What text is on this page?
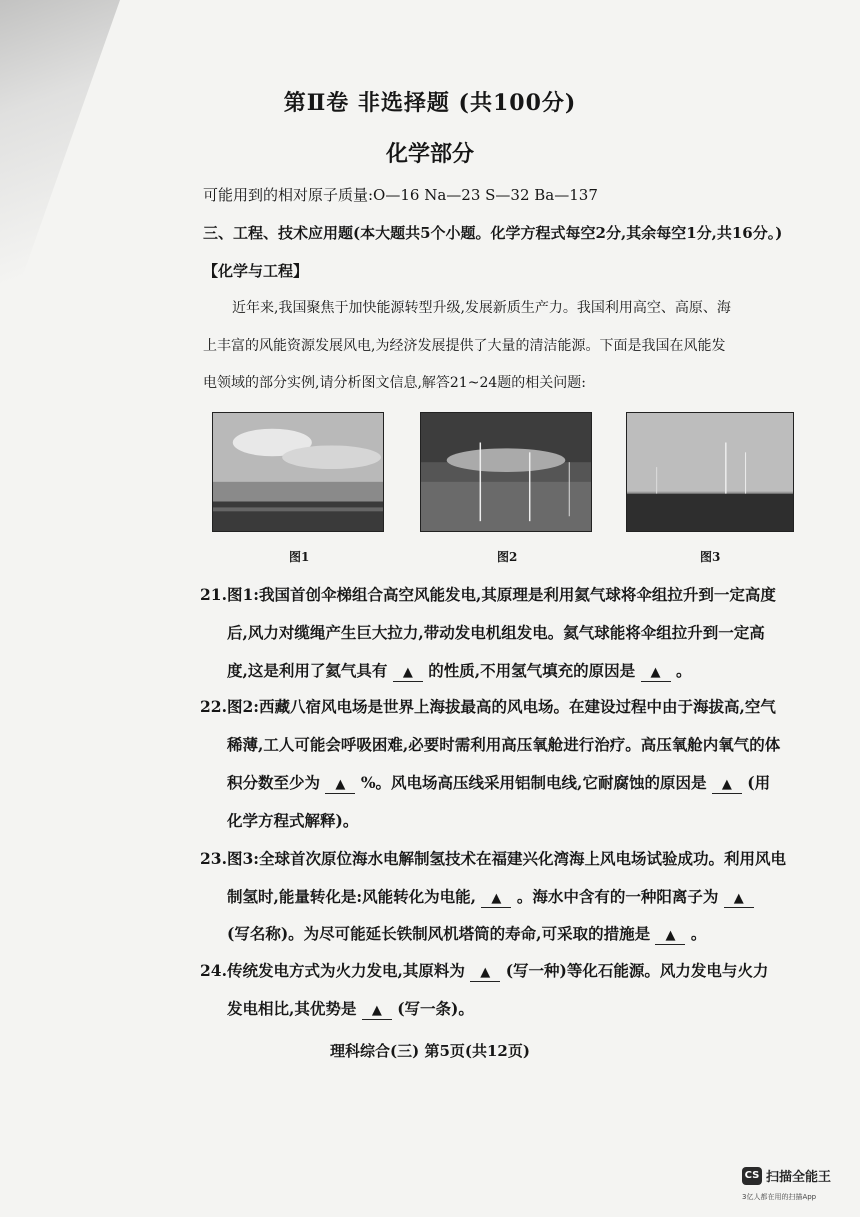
第Ⅱ卷 非选择题 (共100分)
化学部分
可能用到的相对原子质量:O—16 Na—23 S—32 Ba—137
三、工程、技术应用题(本大题共5个小题。化学方程式每空2分,其余每空1分,共16分。)
【化学与工程】
近年来,我国聚焦于加快能源转型升级,发展新质生产力。我国利用高空、高原、海
上丰富的风能资源发展风电,为经济发展提供了大量的清洁能源。下面是我国在风能发
电领域的部分实例,请分析图文信息,解答21~24题的相关问题:
图1	图2	图3
21.图1:我国首创伞梯组合高空风能发电,其原理是利用氦气球将伞组拉升到一定高度
后,风力对缆绳产生巨大拉力,带动发电机组发电。氦气球能将伞组拉升到一定高
度,这是利用了氦气具有 ▲ 的性质,不用氢气填充的原因是 ▲ 。
22.图2:西藏八宿风电场是世界上海拔最高的风电场。在建设过程中由于海拔高,空气
稀薄,工人可能会呼吸困难,必要时需利用高压氧舱进行治疗。高压氧舱内氧气的体
积分数至少为 ▲ %。风电场高压线采用铝制电线,它耐腐蚀的原因是 ▲ (用
化学方程式解释)。
23.图3:全球首次原位海水电解制氢技术在福建兴化湾海上风电场试验成功。利用风电
制氢时,能量转化是:风能转化为电能, ▲ 。海水中含有的一种阳离子为 ▲
(写名称)。为尽可能延长铁制风机塔筒的寿命,可采取的措施是 ▲ 。
24.传统发电方式为火力发电,其原料为 ▲ (写一种)等化石能源。风力发电与火力
发电相比,其优势是 ▲ (写一条)。
理科综合(三) 第5页(共12页)
CS 扫描全能王
3亿人都在用的扫描App
